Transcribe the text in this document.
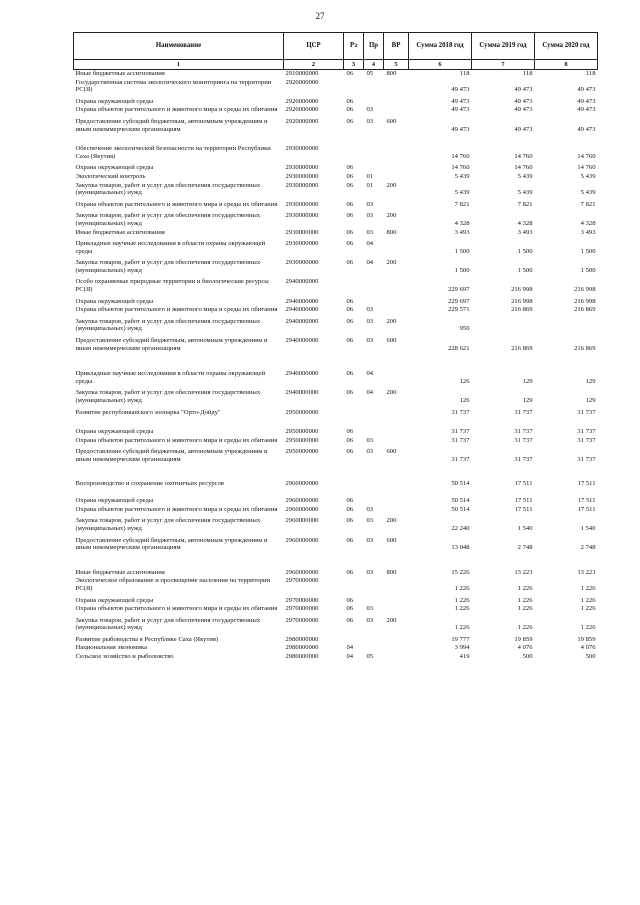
27
Наименование	ЦСР	Рз	Пр	ВР	Сумма 2018 год	Сумма 2019 год	Сумма 2020 год
1	2	3	4	5	6	7	8
Иные бюджетные ассигнования	2910000000	06	05	800	118	118	118

Государственная система экологического мониторинга на территории РС(Я)	2920000000				49 473	49 473	49 473

Охрана окружающей среды	2920000000	06			49 473	49 473	49 473

Охрана объектов растительного и животного мира и среды их обитания	2920000000	06	03		49 473	49 473	49 473

Предоставление субсидий бюджетным, автономным учреждениям и иным некоммерческим организациям	2920000000	06	03	600	49 473	49 473	49 473

Обеспечение экологической безопасности на территории Республики Саха (Якутия)	2930000000				14 760	14 760	14 760

Охрана окружающей среды	2930000000	06			14 760	14 760	14 760

Экологический контроль	2930000000	06	01		5 439	5 439	5 439

Закупка товаров, работ и услуг для обеспечения государственных (муниципальных) нужд	2930000000	06	01	200	5 439	5 439	5 439

Охрана объектов растительного и животного мира и среды их обитания	2930000000	06	03		7 821	7 821	7 821

Закупка товаров, работ и услуг для обеспечения государственных (муниципальных) нужд	2930000000	06	03	200	4 328	4 328	4 328

Иные бюджетные ассигнования	2930000000	06	03	800	3 493	3 493	3 493

Прикладные научные исследования в области охраны окружающей среды	2930000000	06	04		1 500	1 500	1 500

Закупка товаров, работ и услуг для обеспечения государственных (муниципальных) нужд	2930000000	06	04	200	1 500	1 500	1 500

Особо охраняемые природные территории и биологические ресурсы РС(Я)	2940000000				229 697	216 998	216 998

Охрана окружающей среды	2940000000	06			229 697	216 998	216 998

Охрана объектов растительного и животного мира и среды их обитания	2940000000	06	03		229 571	216 869	216 869

Закупка товаров, работ и услуг для обеспечения государственных (муниципальных) нужд	2940000000	06	03	200	950		

Предоставление субсидий бюджетным, автономным учреждениям и иным некоммерческим организациям	2940000000	06	03	600	228 621	216 869	216 869

Прикладные научные исследования в области охраны окружающей среды	2940000000	06	04		126	129	129

Закупка товаров, работ и услуг для обеспечения государственных (муниципальных) нужд	2940000000	06	04	200	126	129	129

Развитие республиканского зоопарка "Орто-Дойду"	2950000000				31 737	31 737	31 737

Охрана окружающей среды	2950000000	06			31 737	31 737	31 737

Охрана объектов растительного и животного мира и среды их обитания	2950000000	06	03		31 737	31 737	31 737

Предоставление субсидий бюджетным, автономным учреждениям и иным некоммерческим организациям	2950000000	06	03	600	31 737	31 737	31 737

Воспроизводство и сохранение охотничьих ресурсов	2960000000				50 514	17 511	17 511

Охрана окружающей среды	2960000000	06			50 514	17 511	17 511

Охрана объектов растительного и животного мира и среды их обитания	2960000000	06	03		50 514	17 511	17 511

Закупка товаров, работ и услуг для обеспечения государственных (муниципальных) нужд	2960000000	06	03	200	22 240	1 540	1 540

Предоставление субсидий бюджетным, автономным учреждениям и иным некоммерческим организациям	2960000000	06	03	600	13 048	2 748	2 748

Иные бюджетные ассигнования	2960000000	06	03	800	15 226	13 223	13 223

Экологическое образование и просвещение населения на территории РС(Я)	2970000000				1 226	1 226	1 226

Охрана окружающей среды	2970000000	06			1 226	1 226	1 226

Охрана объектов растительного и животного мира и среды их обитания	2970000000	06	03		1 226	1 226	1 226

Закупка товаров, работ и услуг для обеспечения государственных (муниципальных) нужд	2970000000	06	03	200	1 226	1 226	1 226

Развитие рыбоводства в Республике Саха (Якутия)	2980000000				19 777	19 859	19 859

Национальная экономика	2980000000	04			3 994	4 076	4 076

Сельское хозяйство и рыболовство	2980000000	04	05		419	500	500
